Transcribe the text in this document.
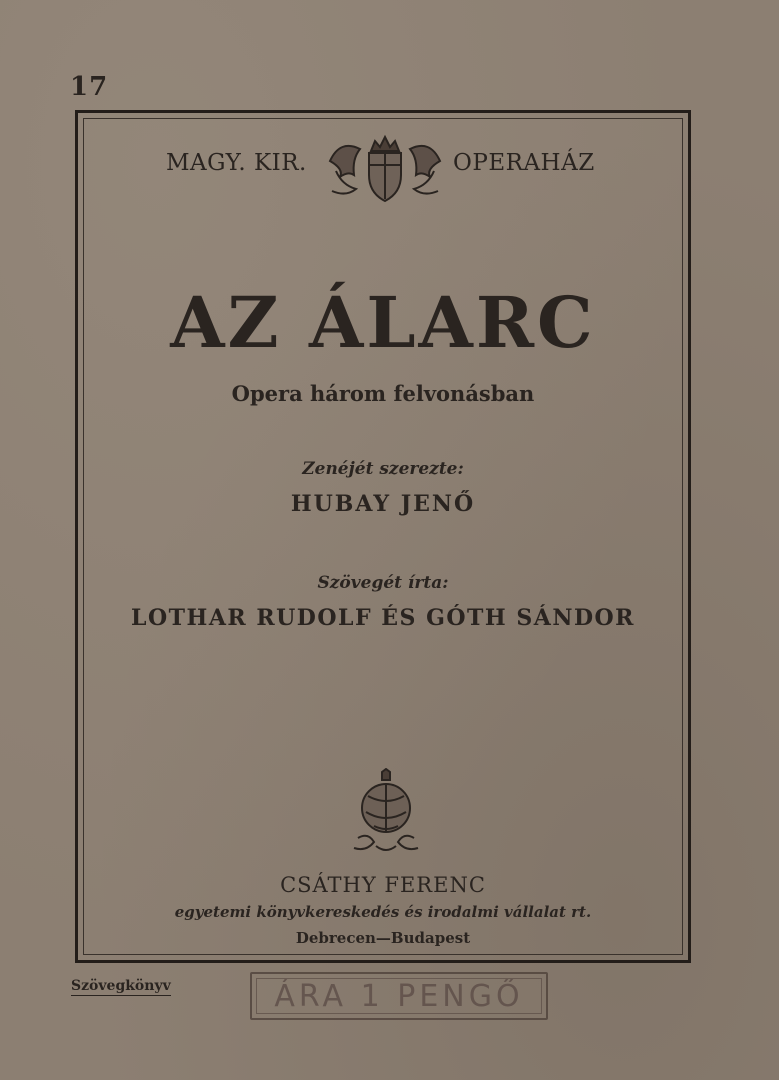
17
MAGY. KIR.	OPERAHÁZ
AZ ÁLARC
Opera három felvonásban
Zenéjét szerezte:
HUBAY JENŐ
Szövegét írta:
LOTHAR RUDOLF ÉS GÓTH SÁNDOR
CSÁTHY FERENC
egyetemi könyvkereskedés és irodalmi vállalat rt.
Debrecen—Budapest
Szövegkönyv	ÁRA 1 PENGŐ
